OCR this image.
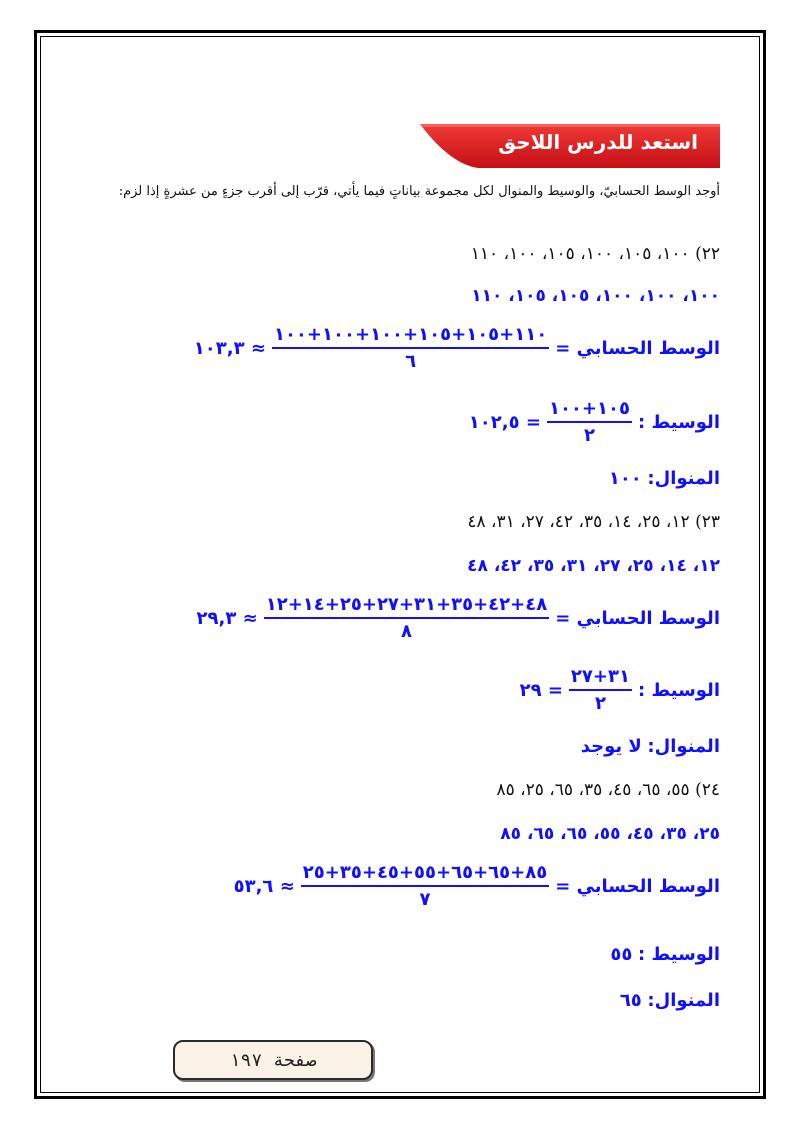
استعد للدرس اللاحق
أوجد الوسط الحسابيّ، والوسيط والمنوال لكل مجموعة بياناتٍ فيما يأتي، قرّب إلى أقرب جزءٍ من عشرةٍ إذا لزم:
٢٢) ١٠٠، ١٠٥، ١٠٠، ١٠٥، ١٠٠، ١١٠
١٠٠، ١٠٠، ١٠٠، ١٠٥، ١٠٥، ١١٠
الوسط الحسابي =
$\frac{١١٠+١٠٥+١٠٥+١٠٠+١٠٠+١٠٠}{٦}$
≈ ١٠٣,٣
الوسيط :
$\frac{١٠٥+١٠٠}{٢}$
= ١٠٢,٥
المنوال: ١٠٠
٢٣) ١٢، ٢٥، ١٤، ٣٥، ٤٢، ٢٧، ٣١، ٤٨
١٢، ١٤، ٢٥، ٢٧، ٣١، ٣٥، ٤٢، ٤٨
الوسط الحسابي =
$\frac{٤٨+٤٢+٣٥+٣١+٢٧+٢٥+١٤+١٢}{٨}$
≈ ٢٩,٣
الوسيط :
$\frac{٣١+٢٧}{٢}$
= ٢٩
المنوال: لا يوجد
٢٤) ٥٥، ٦٥، ٤٥، ٣٥، ٦٥، ٢٥، ٨٥
٢٥، ٣٥، ٤٥، ٥٥، ٦٥، ٦٥، ٨٥
الوسط الحسابي =
$\frac{٨٥+٦٥+٦٥+٥٥+٤٥+٣٥+٢٥}{٧}$
≈ ٥٣,٦
الوسيط : ٥٥
المنوال: ٦٥
صفحة ١٩٧
